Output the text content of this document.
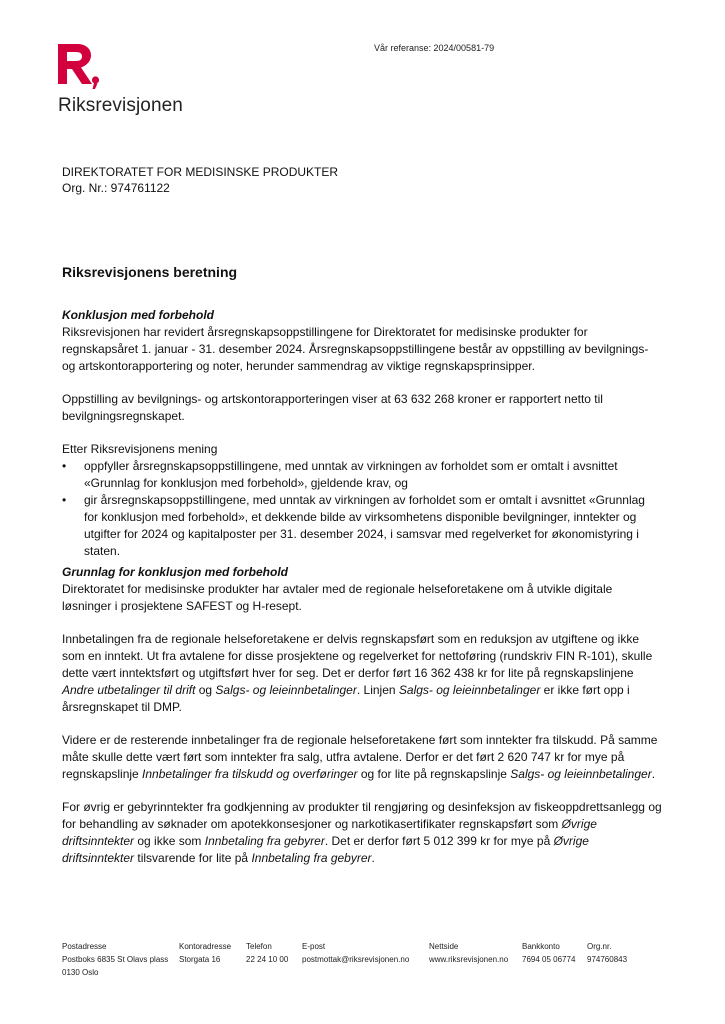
Riksrevisjonen
Vår referanse: 2024/00581-79
DIREKTORATET FOR MEDISINSKE PRODUKTER
Org. Nr.: 974761122
Riksrevisjonens beretning
Konklusjon med forbehold

Riksrevisjonen har revidert årsregnskapsoppstillingene for Direktoratet for medisinske produkter for regnskapsåret 1. januar - 31. desember 2024. Årsregnskapsoppstillingene består av oppstilling av bevilgnings- og artskontorapportering og noter, herunder sammendrag av viktige regnskapsprinsipper.

Oppstilling av bevilgnings- og artskontorapporteringen viser at 63 632 268 kroner er rapportert netto til bevilgningsregnskapet.

Etter Riksrevisjonens mening

• oppfyller årsregnskapsoppstillingene, med unntak av virkningen av forholdet som er omtalt i avsnittet «Grunnlag for konklusjon med forbehold», gjeldende krav, og
• gir årsregnskapsoppstillingene, med unntak av virkningen av forholdet som er omtalt i avsnittet «Grunnlag for konklusjon med forbehold», et dekkende bilde av virksomhetens disponible bevilgninger, inntekter og utgifter for 2024 og kapitalposter per 31. desember 2024, i samsvar med regelverket for økonomistyring i staten.
Grunnlag for konklusjon med forbehold

Direktoratet for medisinske produkter har avtaler med de regionale helseforetakene om å utvikle digitale løsninger i prosjektene SAFEST og H-resept.

Innbetalingen fra de regionale helseforetakene er delvis regnskapsført som en reduksjon av utgiftene og ikke som en inntekt. Ut fra avtalene for disse prosjektene og regelverket for nettoføring (rundskriv FIN R-101), skulle dette vært inntektsført og utgiftsført hver for seg. Det er derfor ført 16 362 438 kr for lite på regnskapslinjene Andre utbetalinger til drift og Salgs- og leieinnbetalinger. Linjen Salgs- og leieinnbetalinger er ikke ført opp i årsregnskapet til DMP.

Videre er de resterende innbetalinger fra de regionale helseforetakene ført som inntekter fra tilskudd. På samme måte skulle dette vært ført som inntekter fra salg, utfra avtalene. Derfor er det ført 2 620 747 kr for mye på regnskapslinje Innbetalinger fra tilskudd og overføringer og for lite på regnskapslinje Salgs- og leieinnbetalinger.

For øvrig er gebyrinntekter fra godkjenning av produkter til rengjøring og desinfeksjon av fiskeoppdrettsanlegg og for behandling av søknader om apotekkonsesjoner og narkotikasertifikater regnskapsført som Øvrige driftsinntekter og ikke som Innbetaling fra gebyrer. Det er derfor ført 5 012 399 kr for mye på Øvrige driftsinntekter tilsvarende for lite på Innbetaling fra gebyrer.

Postadresse
Postboks 6835 St Olavs plass
0130 Oslo
Kontoradresse
Storgata 16
Telefon
22 24 10 00
E-post
postmottak@riksrevisjonen.no
Nettside
www.riksrevisjonen.no
Bankkonto
7694 05 06774
Org.nr.
974760843
